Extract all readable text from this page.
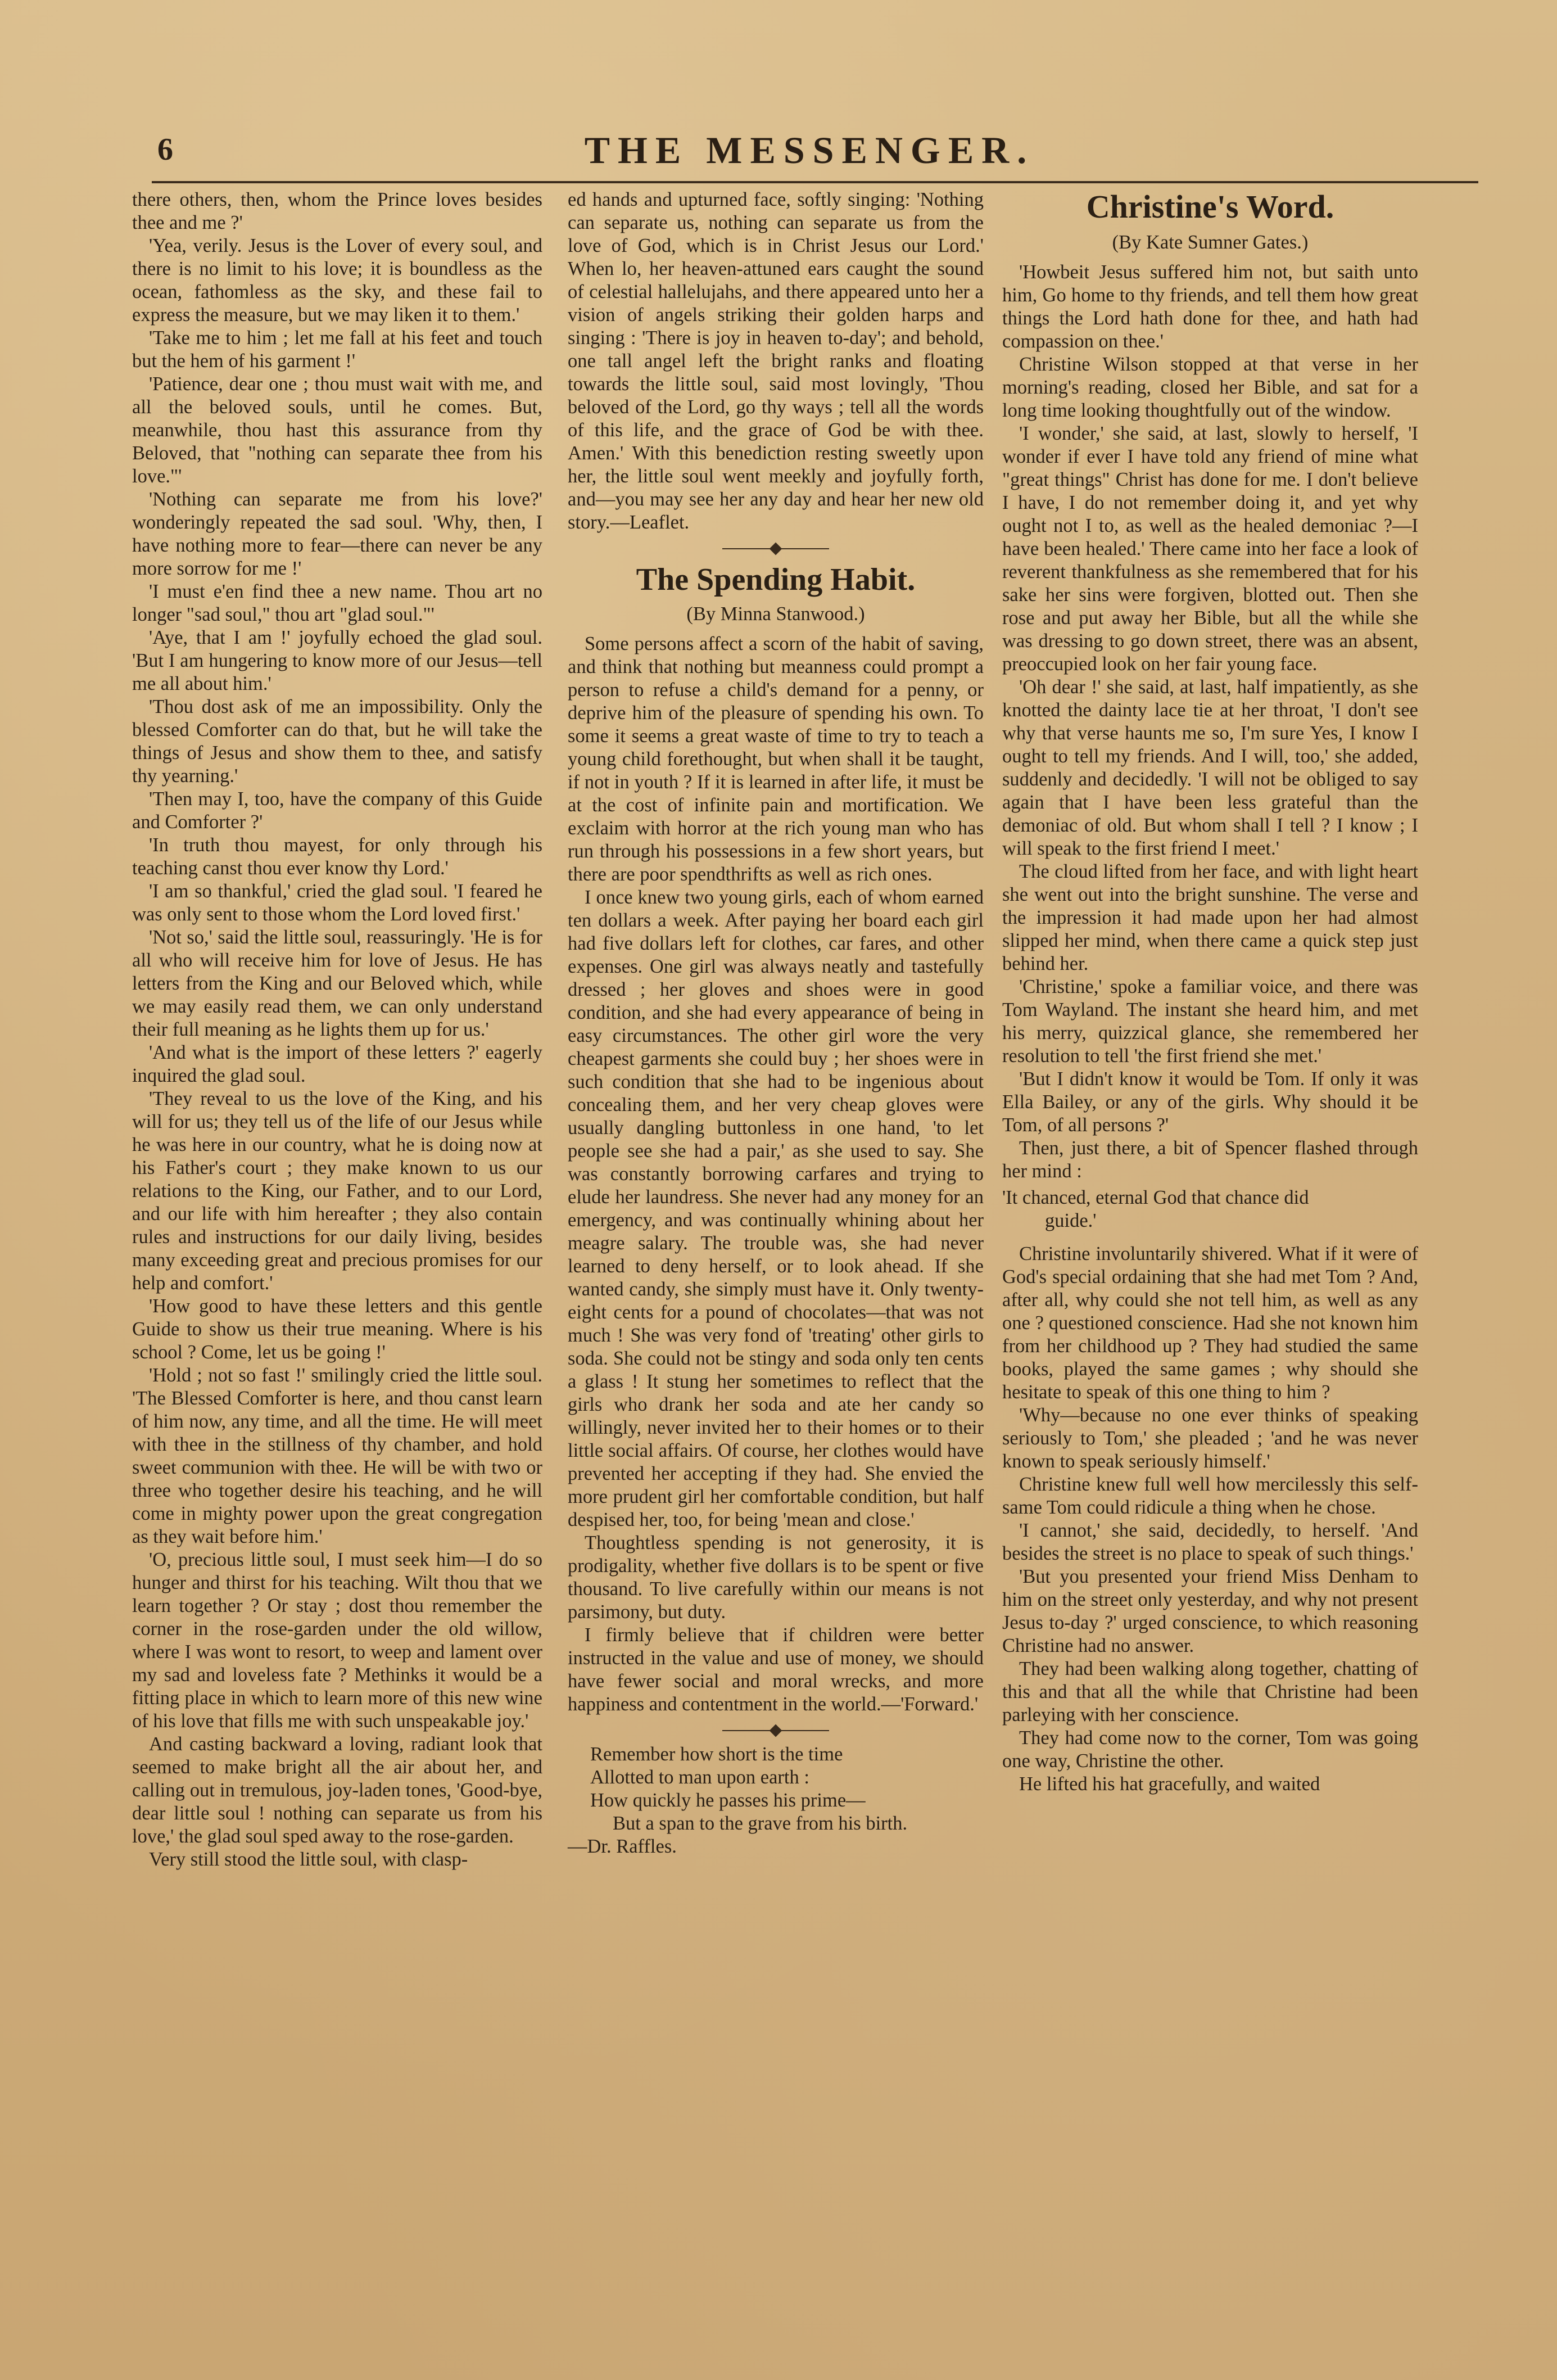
6	THE MESSENGER.

there others, then, whom the Prince loves besides thee and me ?'

'Yea, verily. Jesus is the Lover of every soul, and there is no limit to his love; it is boundless as the ocean, fathomless as the sky, and these fail to express the measure, but we may liken it to them.'

'Take me to him ; let me fall at his feet and touch but the hem of his garment !'

'Patience, dear one ; thou must wait with me, and all the beloved souls, until he comes. But, meanwhile, thou hast this assurance from thy Beloved, that "nothing can separate thee from his love."'

'Nothing can separate me from his love?' wonderingly repeated the sad soul. 'Why, then, I have nothing more to fear—there can never be any more sorrow for me !'

'I must e'en find thee a new name. Thou art no longer "sad soul," thou art "glad soul."'

'Aye, that I am !' joyfully echoed the glad soul. 'But I am hungering to know more of our Jesus—tell me all about him.'

'Thou dost ask of me an impossibility. Only the blessed Comforter can do that, but he will take the things of Jesus and show them to thee, and satisfy thy yearning.'

'Then may I, too, have the company of this Guide and Comforter ?'

'In truth thou mayest, for only through his teaching canst thou ever know thy Lord.'

'I am so thankful,' cried the glad soul. 'I feared he was only sent to those whom the Lord loved first.'

'Not so,' said the little soul, reassuringly. 'He is for all who will receive him for love of Jesus. He has letters from the King and our Beloved which, while we may easily read them, we can only understand their full meaning as he lights them up for us.'

'And what is the import of these letters ?' eagerly inquired the glad soul.

'They reveal to us the love of the King, and his will for us; they tell us of the life of our Jesus while he was here in our country, what he is doing now at his Father's court ; they make known to us our relations to the King, our Father, and to our Lord, and our life with him hereafter ; they also contain rules and instructions for our daily living, besides many exceeding great and precious promises for our help and comfort.'

'How good to have these letters and this gentle Guide to show us their true meaning. Where is his school ? Come, let us be going !'

'Hold ; not so fast !' smilingly cried the little soul. 'The Blessed Comforter is here, and thou canst learn of him now, any time, and all the time. He will meet with thee in the stillness of thy chamber, and hold sweet communion with thee. He will be with two or three who together desire his teaching, and he will come in mighty power upon the great congregation as they wait before him.'

'O, precious little soul, I must seek him—I do so hunger and thirst for his teaching. Wilt thou that we learn together ? Or stay ; dost thou remember the corner in the rose-garden under the old willow, where I was wont to resort, to weep and lament over my sad and loveless fate ? Methinks it would be a fitting place in which to learn more of this new wine of his love that fills me with such unspeakable joy.'

And casting backward a loving, radiant look that seemed to make bright all the air about her, and calling out in tremulous, joy-laden tones, 'Good-bye, dear little soul ! nothing can separate us from his love,' the glad soul sped away to the rose-garden.

Very still stood the little soul, with clasp-

ed hands and upturned face, softly singing: 'Nothing can separate us, nothing can separate us from the love of God, which is in Christ Jesus our Lord.' When lo, her heaven-attuned ears caught the sound of celestial hallelujahs, and there appeared unto her a vision of angels striking their golden harps and singing : 'There is joy in heaven to-day'; and behold, one tall angel left the bright ranks and floating towards the little soul, said most lovingly, 'Thou beloved of the Lord, go thy ways ; tell all the words of this life, and the grace of God be with thee. Amen.' With this benediction resting sweetly upon her, the little soul went meekly and joyfully forth, and—you may see her any day and hear her new old story.—Leaflet.

The Spending Habit.
(By Minna Stanwood.)

Some persons affect a scorn of the habit of saving, and think that nothing but meanness could prompt a person to refuse a child's demand for a penny, or deprive him of the pleasure of spending his own. To some it seems a great waste of time to try to teach a young child forethought, but when shall it be taught, if not in youth ? If it is learned in after life, it must be at the cost of infinite pain and mortification. We exclaim with horror at the rich young man who has run through his possessions in a few short years, but there are poor spendthrifts as well as rich ones.

I once knew two young girls, each of whom earned ten dollars a week. After paying her board each girl had five dollars left for clothes, car fares, and other expenses. One girl was always neatly and tastefully dressed ; her gloves and shoes were in good condition, and she had every appearance of being in easy circumstances. The other girl wore the very cheapest garments she could buy ; her shoes were in such condition that she had to be ingenious about concealing them, and her very cheap gloves were usually dangling buttonless in one hand, 'to let people see she had a pair,' as she used to say. She was constantly borrowing carfares and trying to elude her laundress. She never had any money for an emergency, and was continually whining about her meagre salary. The trouble was, she had never learned to deny herself, or to look ahead. If she wanted candy, she simply must have it. Only twenty-eight cents for a pound of chocolates—that was not much ! She was very fond of 'treating' other girls to soda. She could not be stingy and soda only ten cents a glass ! It stung her sometimes to reflect that the girls who drank her soda and ate her candy so willingly, never invited her to their homes or to their little social affairs. Of course, her clothes would have prevented her accepting if they had. She envied the more prudent girl her comfortable condition, but half despised her, too, for being 'mean and close.'

Thoughtless spending is not generosity, it is prodigality, whether five dollars is to be spent or five thousand. To live carefully within our means is not parsimony, but duty.

I firmly believe that if children were better instructed in the value and use of money, we should have fewer social and moral wrecks, and more happiness and contentment in the world.—'Forward.'

Remember how short is the time
Allotted to man upon earth :
How quickly he passes his prime—
But a span to the grave from his birth.
—Dr. Raffles.
Christine's Word.
(By Kate Sumner Gates.)

'Howbeit Jesus suffered him not, but saith unto him, Go home to thy friends, and tell them how great things the Lord hath done for thee, and hath had compassion on thee.'

Christine Wilson stopped at that verse in her morning's reading, closed her Bible, and sat for a long time looking thoughtfully out of the window.

'I wonder,' she said, at last, slowly to herself, 'I wonder if ever I have told any friend of mine what "great things" Christ has done for me. I don't believe I have, I do not remember doing it, and yet why ought not I to, as well as the healed demoniac ?—I have been healed.' There came into her face a look of reverent thankfulness as she remembered that for his sake her sins were forgiven, blotted out. Then she rose and put away her Bible, but all the while she was dressing to go down street, there was an absent, preoccupied look on her fair young face.

'Oh dear !' she said, at last, half impatiently, as she knotted the dainty lace tie at her throat, 'I don't see why that verse haunts me so, I'm sure Yes, I know I ought to tell my friends. And I will, too,' she added, suddenly and decidedly. 'I will not be obliged to say again that I have been less grateful than the demoniac of old. But whom shall I tell ? I know ; I will speak to the first friend I meet.'

The cloud lifted from her face, and with light heart she went out into the bright sunshine. The verse and the impression it had made upon her had almost slipped her mind, when there came a quick step just behind her.

'Christine,' spoke a familiar voice, and there was Tom Wayland. The instant she heard him, and met his merry, quizzical glance, she remembered her resolution to tell 'the first friend she met.'

'But I didn't know it would be Tom. If only it was Ella Bailey, or any of the girls. Why should it be Tom, of all persons ?'

Then, just there, a bit of Spencer flashed through her mind :

'It chanced, eternal God that chance did
guide.'

Christine involuntarily shivered. What if it were of God's special ordaining that she had met Tom ? And, after all, why could she not tell him, as well as any one ? questioned conscience. Had she not known him from her childhood up ? They had studied the same books, played the same games ; why should she hesitate to speak of this one thing to him ?

'Why—because no one ever thinks of speaking seriously to Tom,' she pleaded ; 'and he was never known to speak seriously himself.'

Christine knew full well how mercilessly this self-same Tom could ridicule a thing when he chose.

'I cannot,' she said, decidedly, to herself. 'And besides the street is no place to speak of such things.'

'But you presented your friend Miss Denham to him on the street only yesterday, and why not present Jesus to-day ?' urged conscience, to which reasoning Christine had no answer.

They had been walking along together, chatting of this and that all the while that Christine had been parleying with her conscience.

They had come now to the corner, Tom was going one way, Christine the other.

He lifted his hat gracefully, and waited
